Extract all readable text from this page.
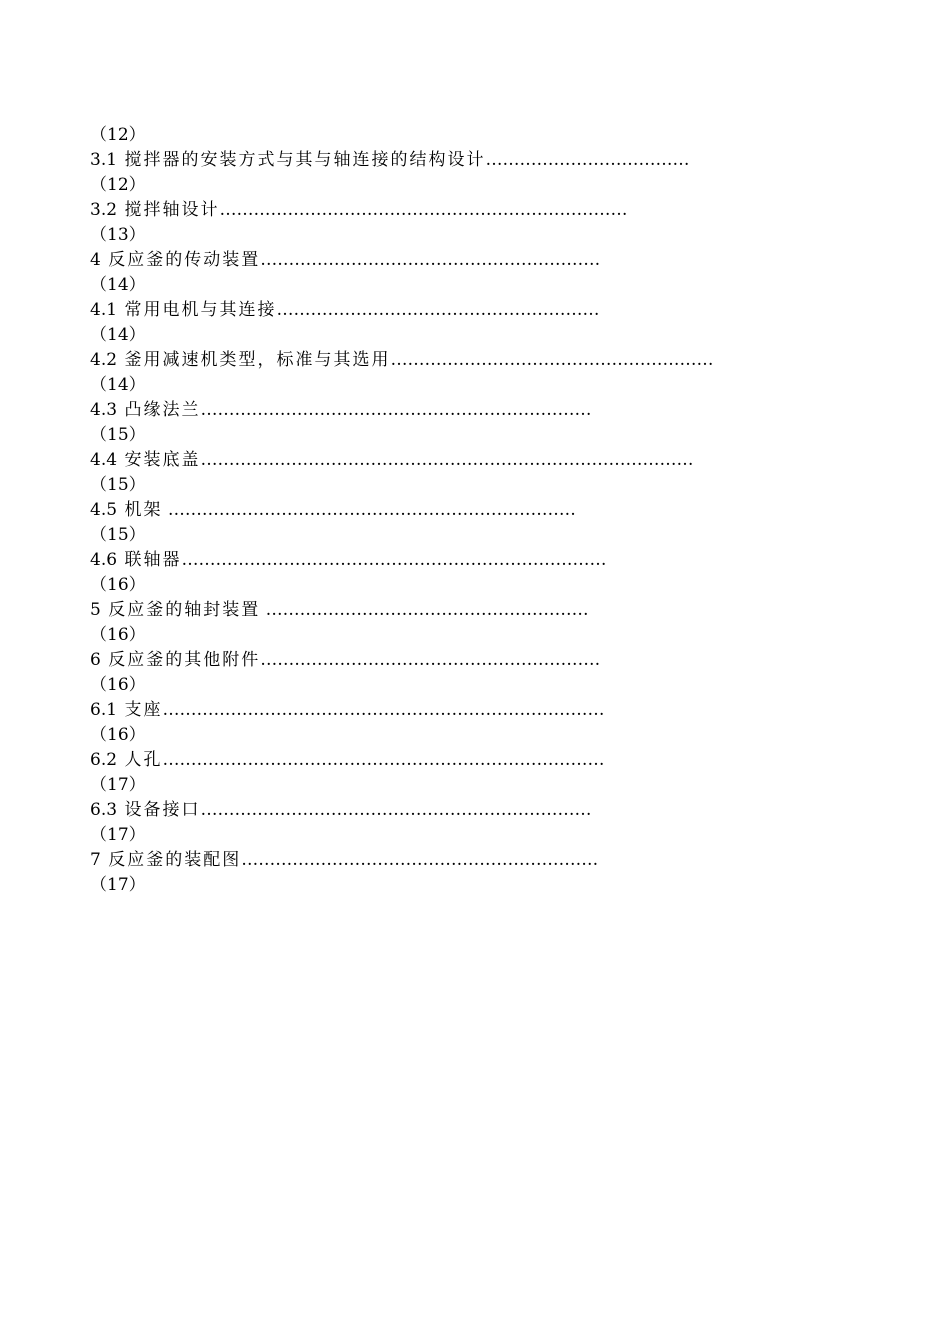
（12）
3.1 搅拌器的安装方式与其与轴连接的结构设计………………………………
（12）
3.2 搅拌轴设计………………………………………………………………
（13）
4 反应釜的传动装置……………………………………………………
（14）
4.1 常用电机与其连接…………………………………………………
（14）
4.2 釜用减速机类型，标准与其选用…………………………………………………
（14）
4.3 凸缘法兰……………………………………………………………
（15）
4.4 安装底盖……………………………………………………………………………
（15）
4.5 机架 ………………………………………………………………
（15）
4.6 联轴器…………………………………………………………………
（16）
5 反应釜的轴封装置 …………………………………………………
（16）
6 反应釜的其他附件……………………………………………………
（16）
6.1 支座……………………………………………………………………
（16）
6.2 人孔……………………………………………………………………
（17）
6.3 设备接口……………………………………………………………
（17）
7 反应釜的装配图………………………………………………………
（17）
